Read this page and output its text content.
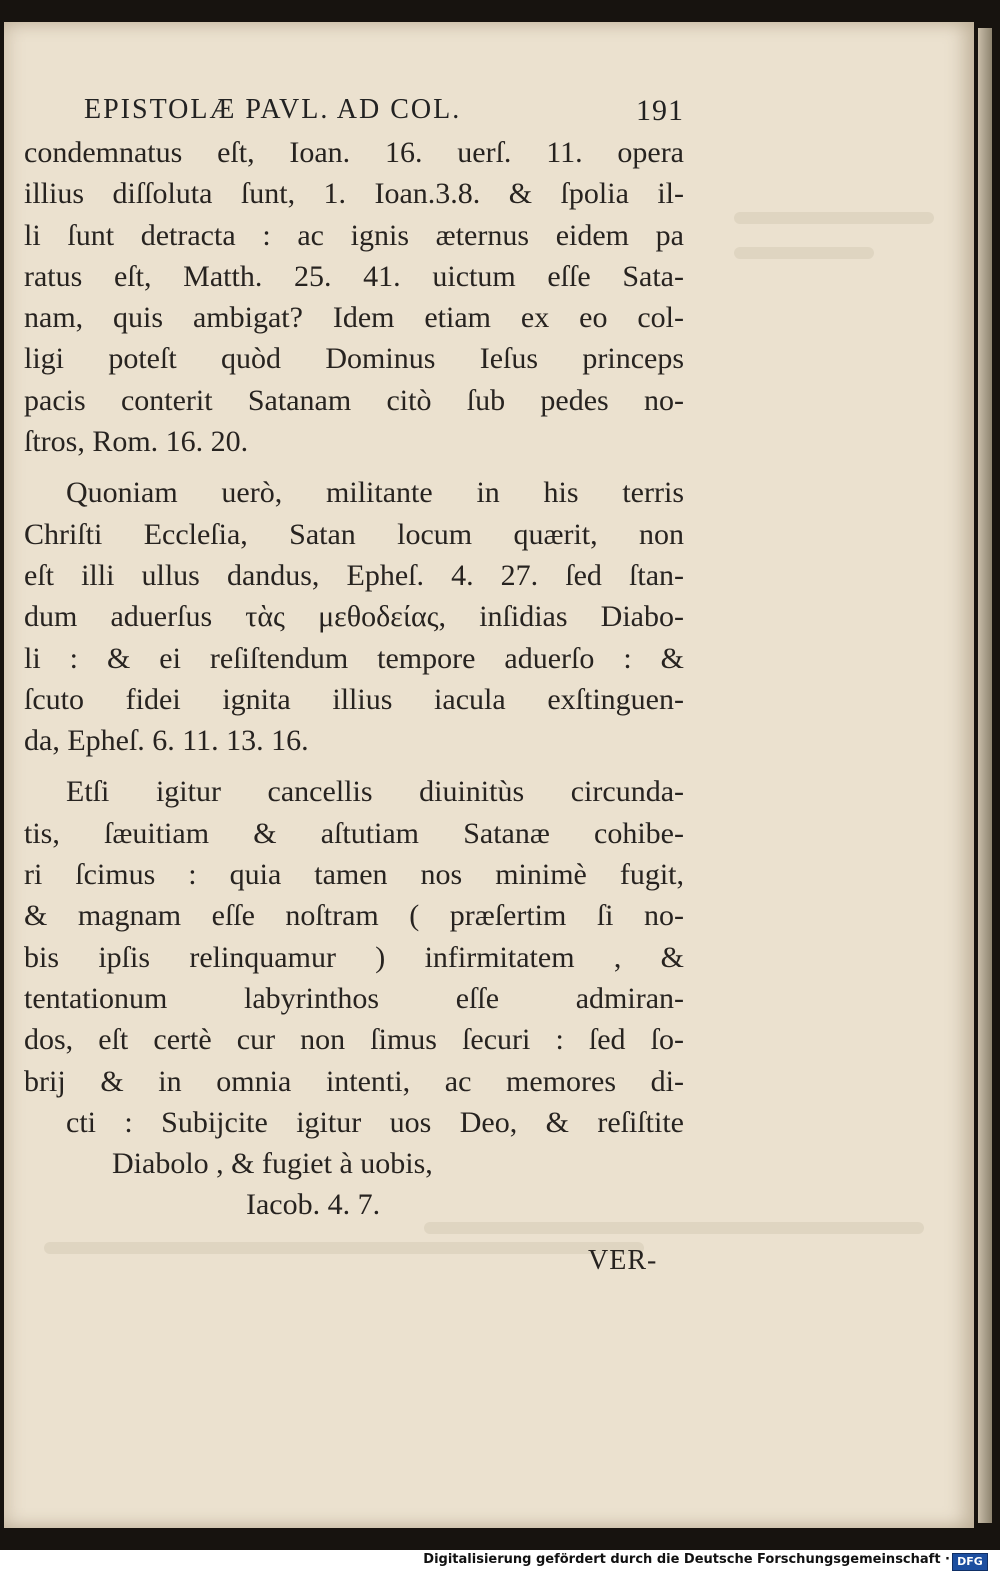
EPISTOLÆ PAVL. AD COL.	191
condemnatus eſt, Ioan. 16. uerſ. 11. opera
illius diſſoluta ſunt, 1. Ioan.3.8. & ſpolia il-
li ſunt detracta : ac ignis æternus eidem pa
ratus eſt, Matth. 25. 41. uictum eſſe Sata-
nam, quis ambigat? Idem etiam ex eo col-
ligi poteſt quòd Dominus Ieſus princeps
pacis conterit Satanam citò ſub pedes no-
ſtros, Rom. 16. 20.
Quoniam uerò, militante in his terris
Chriſti Eccleſia, Satan locum quærit, non
eſt illi ullus dandus, Epheſ. 4. 27. ſed ſtan-
dum aduerſus τὰς μεθοδείας, inſidias Diabo-
li : & ei reſiſtendum tempore aduerſo : &
ſcuto fidei ignita illius iacula exſtinguen-
da, Epheſ. 6. 11. 13. 16.
Etſi igitur cancellis diuinitùs circunda-
tis, ſæuitiam & aſtutiam Satanæ cohibe-
ri ſcimus : quia tamen nos minimè fugit,
& magnam eſſe noſtram ( præſertim ſi no-
bis ipſis relinquamur ) infirmitatem , &
tentationum labyrinthos eſſe admiran-
dos, eſt certè cur non ſimus ſecuri : ſed ſo-
brij & in omnia intenti, ac memores di-
cti : Subijcite igitur uos Deo, & reſiſtite
Diabolo , & fugiet à uobis,
Iacob. 4. 7.
VER-
Digitalisierung gefördert durch die Deutsche Forschungsgemeinschaft · DFG
